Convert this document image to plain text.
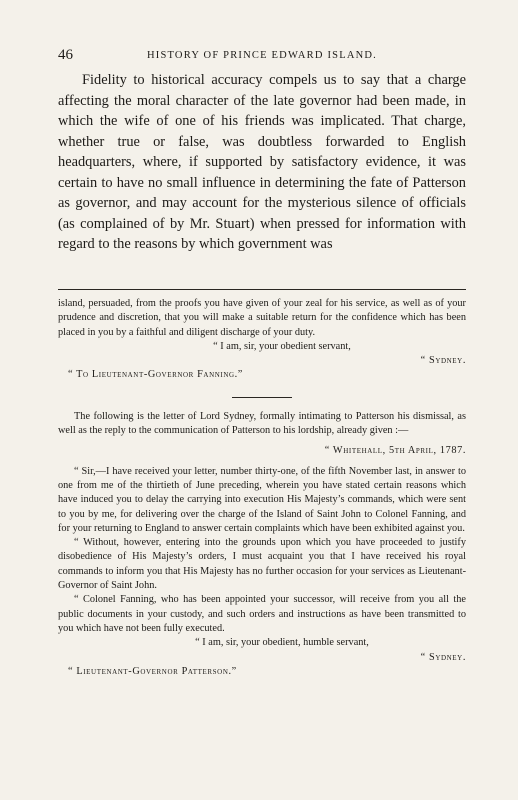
46	HISTORY OF PRINCE EDWARD ISLAND.

Fidelity to historical accuracy compels us to say that a charge affecting the moral character of the late governor had been made, in which the wife of one of his friends was implicated. That charge, whether true or false, was doubtless forwarded to English headquarters, where, if supported by satisfactory evidence, it was certain to have no small influence in determining the fate of Patterson as governor, and may account for the mysterious silence of officials (as complained of by Mr. Stuart) when pressed for information with regard to the reasons by which government was

island, persuaded, from the proofs you have given of your zeal for his service, as well as of your prudence and discretion, that you will make a suitable return for the confidence which has been placed in you by a faithful and diligent discharge of your duty.

“ I am, sir, your obedient servant,

“ Sydney.

“ To Lieutenant-Governor Fanning.”

The following is the letter of Lord Sydney, formally intimating to Patterson his dismissal, as well as the reply to the communication of Patterson to his lordship, already given :—

“ Whitehall, 5th April, 1787.

“ Sir,—I have received your letter, number thirty-one, of the fifth November last, in answer to one from me of the thirtieth of June preceding, wherein you have stated certain reasons which have induced you to delay the carrying into execution His Majesty’s commands, which were sent to you by me, for delivering over the charge of the Island of Saint John to Colonel Fanning, and for your returning to England to answer certain complaints which have been exhibited against you.

“ Without, however, entering into the grounds upon which you have proceeded to justify disobedience of His Majesty’s orders, I must acquaint you that I have received his royal commands to inform you that His Majesty has no further occasion for your services as Lieutenant-Governor of Saint John.

“ Colonel Fanning, who has been appointed your successor, will receive from you all the public documents in your custody, and such orders and instructions as have been transmitted to you which have not been fully executed.

“ I am, sir, your obedient, humble servant,

“ Sydney.

“ Lieutenant-Governor Patterson.”
